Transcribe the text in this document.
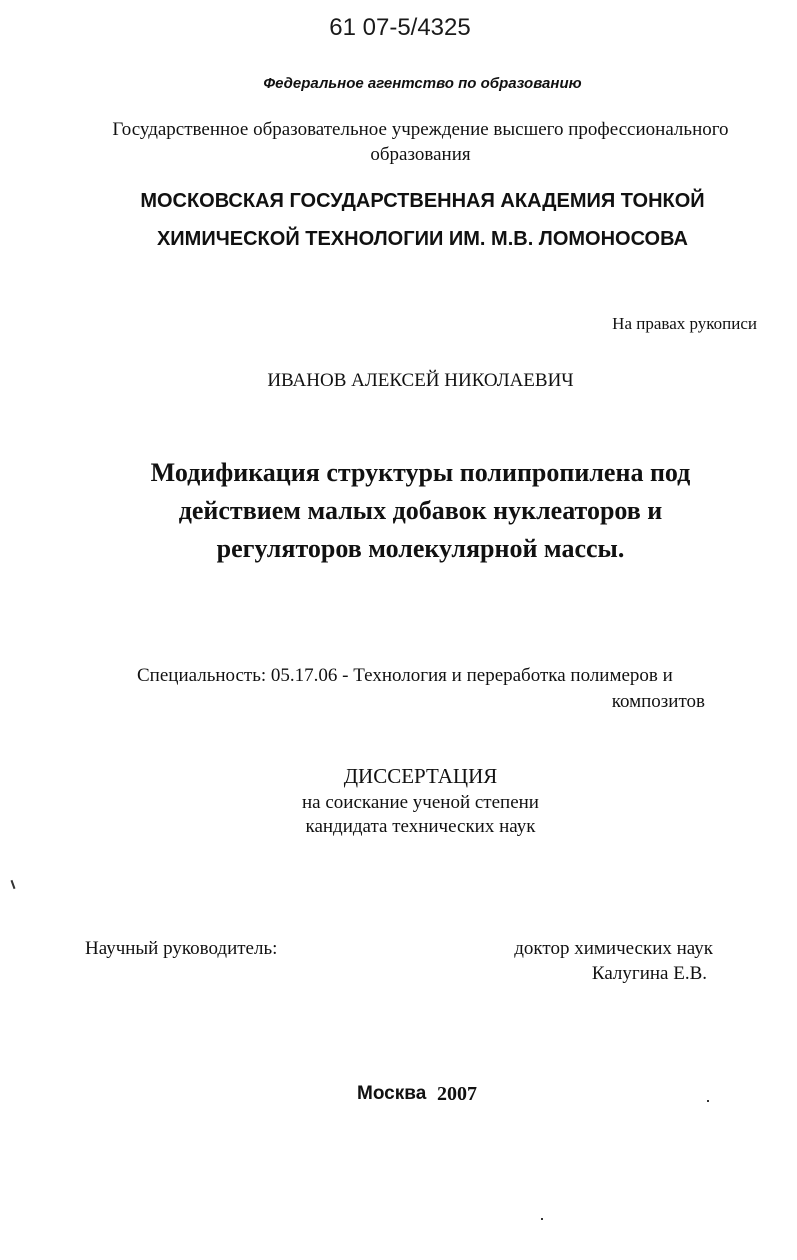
61 07-5/4325
Федеральное агентство по образованию
Государственное образовательное учреждение высшего профессионального
образования
МОСКОВСКАЯ ГОСУДАРСТВЕННАЯ АКАДЕМИЯ ТОНКОЙ
ХИМИЧЕСКОЙ ТЕХНОЛОГИИ ИМ. М.В. ЛОМОНОСОВА
На правах рукописи
ИВАНОВ АЛЕКСЕЙ НИКОЛАЕВИЧ
Модификация структуры полипропилена под
действием малых добавок нуклеаторов и
регуляторов молекулярной массы.
Специальность: 05.17.06 - Технология и переработка полимеров и
композитов
ДИССЕРТАЦИЯ
на соискание ученой степени
кандидата технических наук
Научный руководитель:	доктор химических наук
Калугина Е.В.
Москва 2007
